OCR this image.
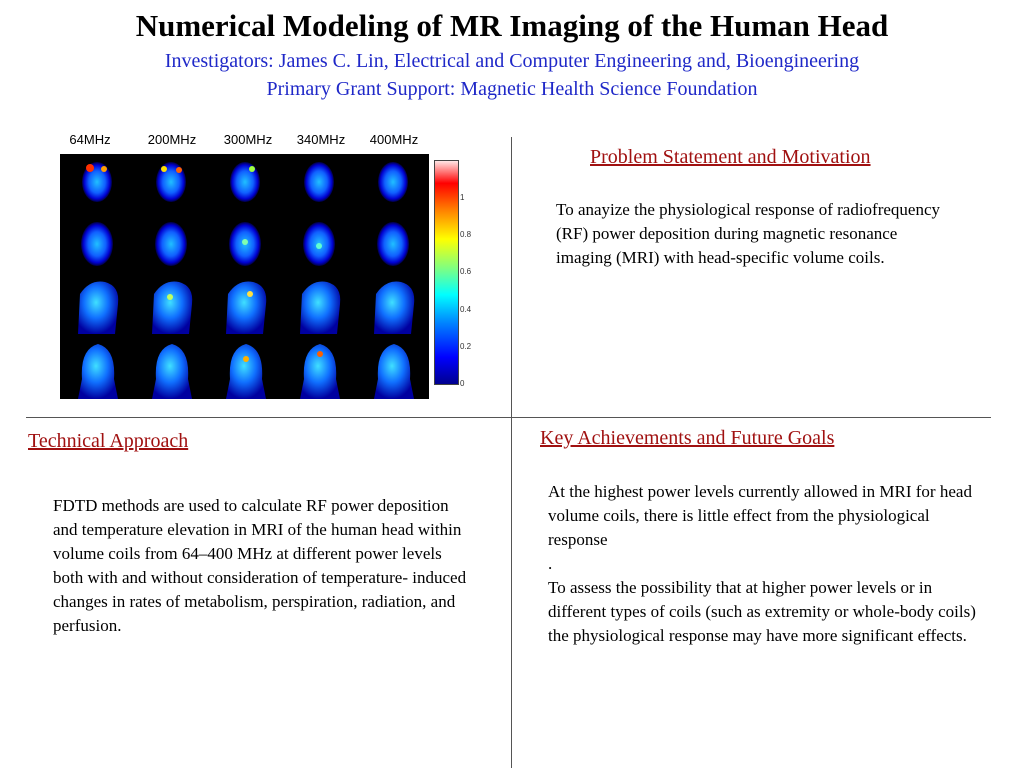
Numerical Modeling of MR Imaging of the Human Head
Investigators: James C. Lin, Electrical and Computer Engineering and, Bioengineering
Primary Grant Support: Magnetic Health Science Foundation
64MHz	200MHz	300MHz	340MHz	400MHz
1
0.8
0.6
0.4
0.2
0
Problem Statement and Motivation
To anayize the physiological response of radiofrequency (RF) power deposition during magnetic resonance imaging (MRI) with head-specific volume coils.
Technical Approach
FDTD methods are used to calculate RF power deposition and temperature elevation in MRI of the human head within volume coils from 64–400 MHz at different power levels both with and without consideration of temperature- induced changes in rates of metabolism, perspiration, radiation, and perfusion.
Key Achievements and Future Goals
At the highest power levels currently allowed in MRI for head volume coils, there is little effect from the physiological response
.
To assess the possibility that at higher power levels or in different types of coils (such as extremity or whole-body coils) the physiological response may have more significant effects.
